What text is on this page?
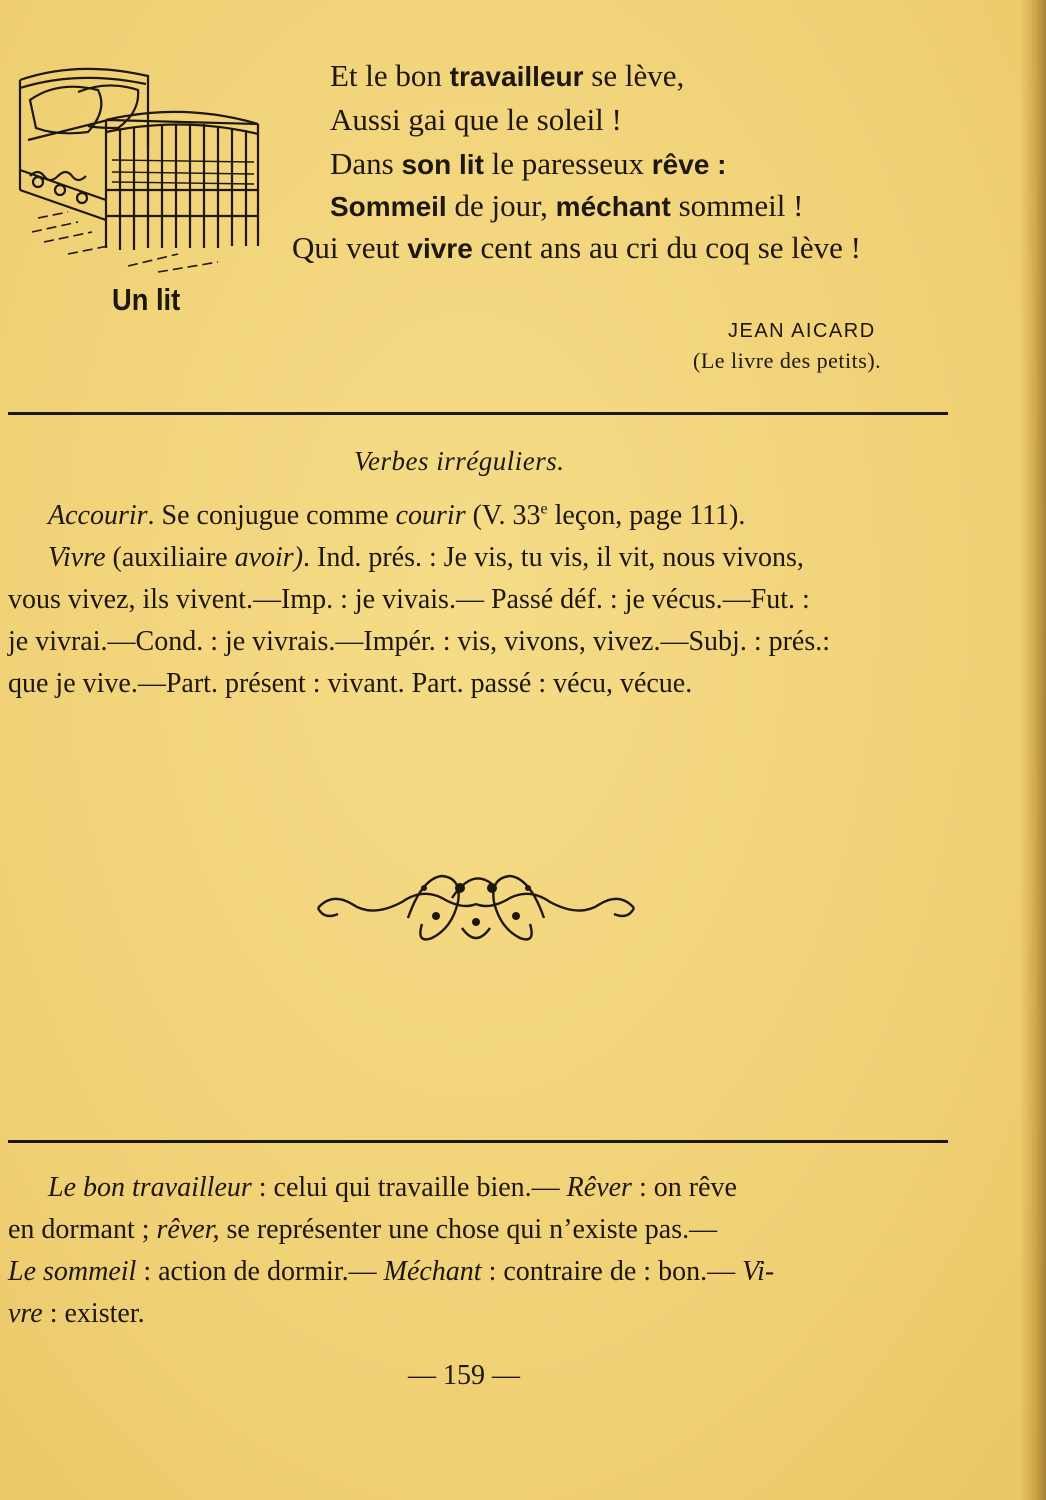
Un lit
Et le bon travailleur se lève,
Aussi gai que le soleil !
Dans son lit le paresseux rêve :
Sommeil de jour, méchant sommeil !
Qui veut vivre cent ans au cri du coq se lève !
JEAN AICARD
(Le livre des petits).
Verbes irréguliers.
Accourir. Se conjugue comme courir (V. 33e leçon, page 111).
Vivre (auxiliaire avoir). Ind. prés. : Je vis, tu vis, il vit, nous vivons,
vous vivez, ils vivent.—Imp. : je vivais.— Passé déf. : je vécus.—Fut. :
je vivrai.—Cond. : je vivrais.—Impér. : vis, vivons, vivez.—Subj. : prés.:
que je vive.—Part. présent : vivant. Part. passé : vécu, vécue.
Le bon travailleur : celui qui travaille bien.— Rêver : on rêve
en dormant ; rêver, se représenter une chose qui n’existe pas.—
Le sommeil : action de dormir.— Méchant : contraire de : bon.— Vi-
vre : exister.
— 159 —
